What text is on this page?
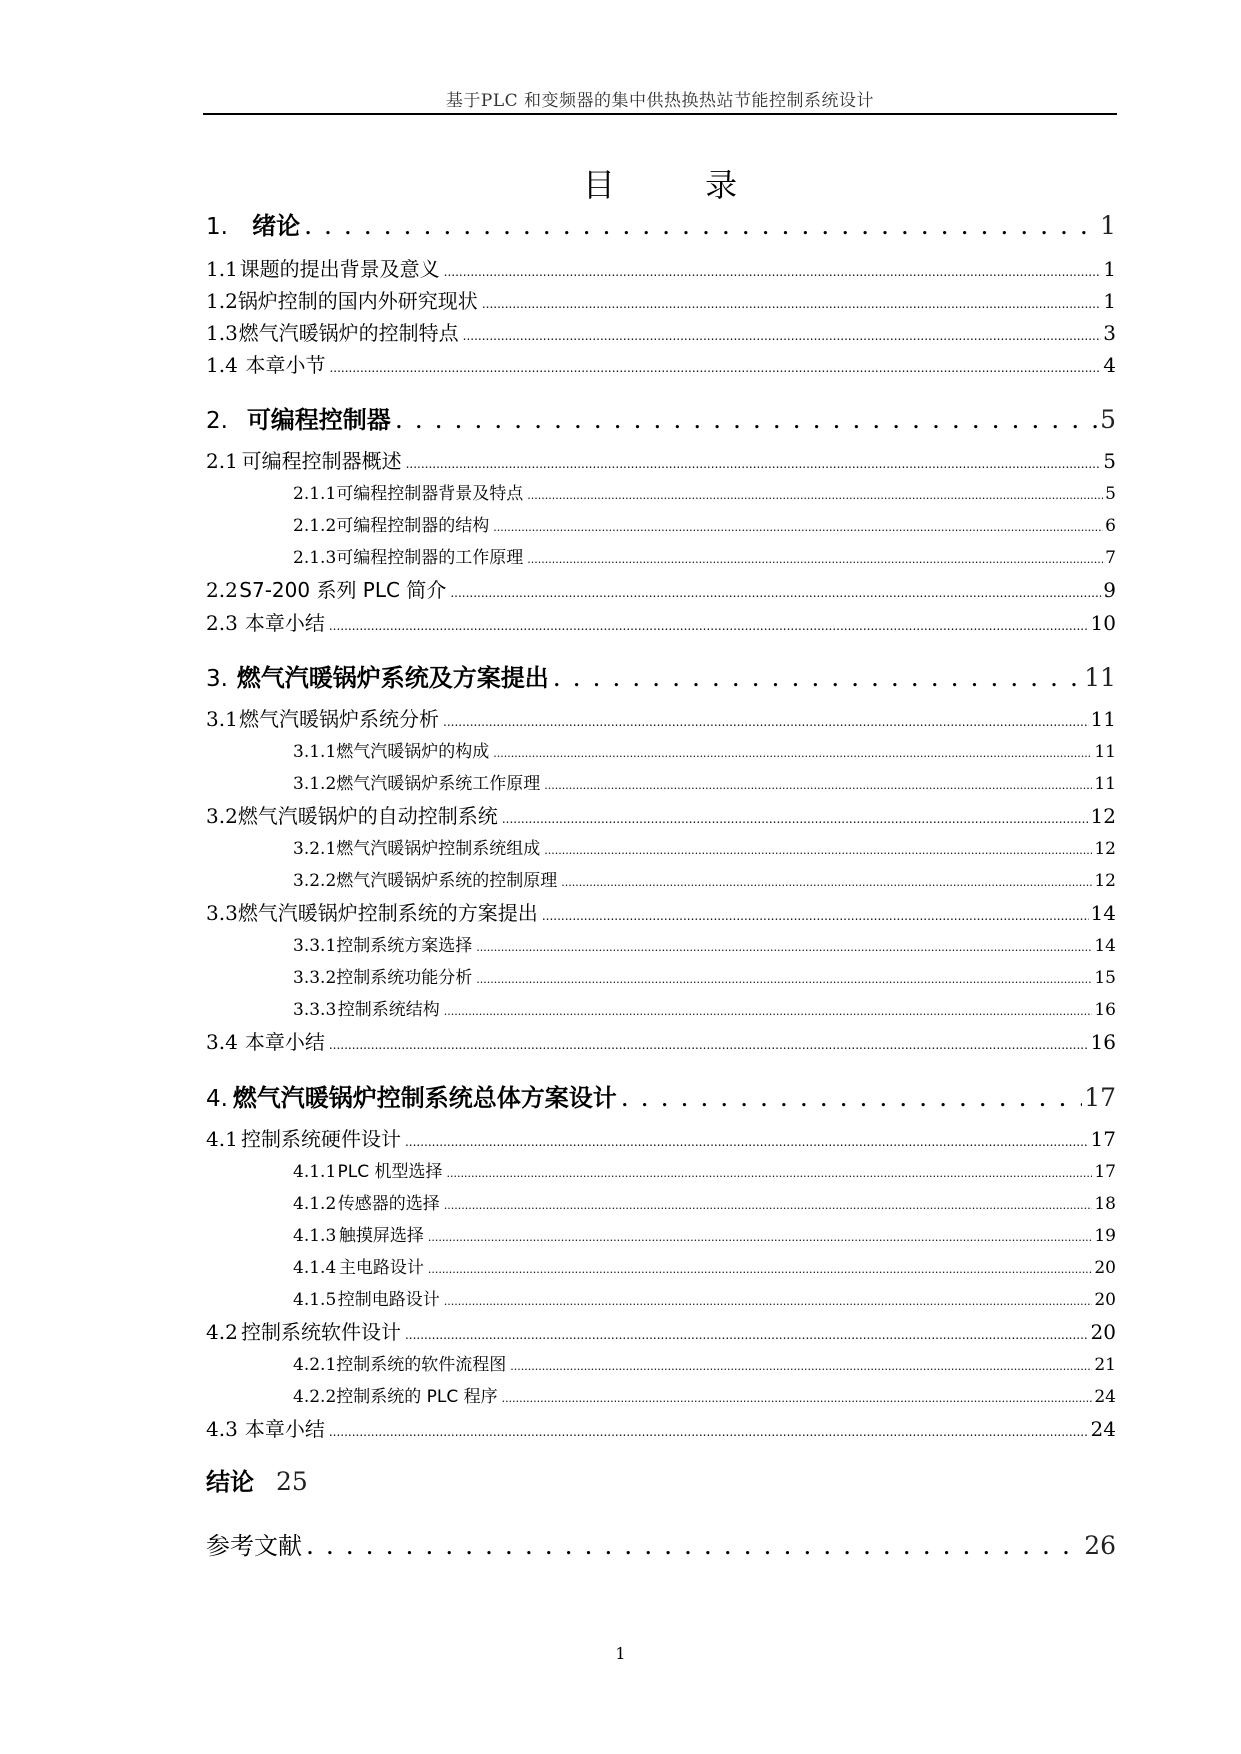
基于PLC 和变频器的集中供热换热站节能控制系统设计
目 录
1.	绪论 . . .	1
1.1 课题的提出背景及意义 .....	1
1.2 锅炉控制的国内外研究现状 .....	1
1.3 燃气汽暖锅炉的控制特点 .....	3
1.4 本章小节 .....	4
2. 可编程控制器 . . .	5
2.1 可编程控制器概述 .....	5
2.1.1 可编程控制器背景及特点 .....	5
2.1.2 可编程控制器的结构 .....	6
2.1.3 可编程控制器的工作原理 .....	7
2.2 S7-200 系列 PLC 简介 .....	9
2.3 本章小结 .....	10
3. 燃气汽暖锅炉系统及方案提出 . . .	11
3.1 燃气汽暖锅炉系统分析 .....	11
3.1.1 燃气汽暖锅炉的构成 .....	11
3.1.2 燃气汽暖锅炉系统工作原理 .....	11
3.2 燃气汽暖锅炉的自动控制系统 .....	12
3.2.1 燃气汽暖锅炉控制系统组成 .....	12
3.2.2 燃气汽暖锅炉系统的控制原理 .....	12
3.3 燃气汽暖锅炉控制系统的方案提出 .....	14
3.3.1 控制系统方案选择 .....	14
3.3.2 控制系统功能分析 .....	15
3.3.3 控制系统结构 .....	16
3.4 本章小结 .....	16
4. 燃气汽暖锅炉控制系统总体方案设计 . . .	17
4.1 控制系统硬件设计 .....	17
4.1.1 PLC 机型选择 .....	17
4.1.2 传感器的选择 .....	18
4.1.3 触摸屏选择 .....	19
4.1.4 主电路设计 .....	20
4.1.5 控制电路设计 .....	20
4.2 控制系统软件设计 .....	20
4.2.1 控制系统的软件流程图 .....	21
4.2.2 控制系统的 PLC 程序 .....	24
4.3 本章小结 .....	24
结论 25
参考文献 . . .	26
1
